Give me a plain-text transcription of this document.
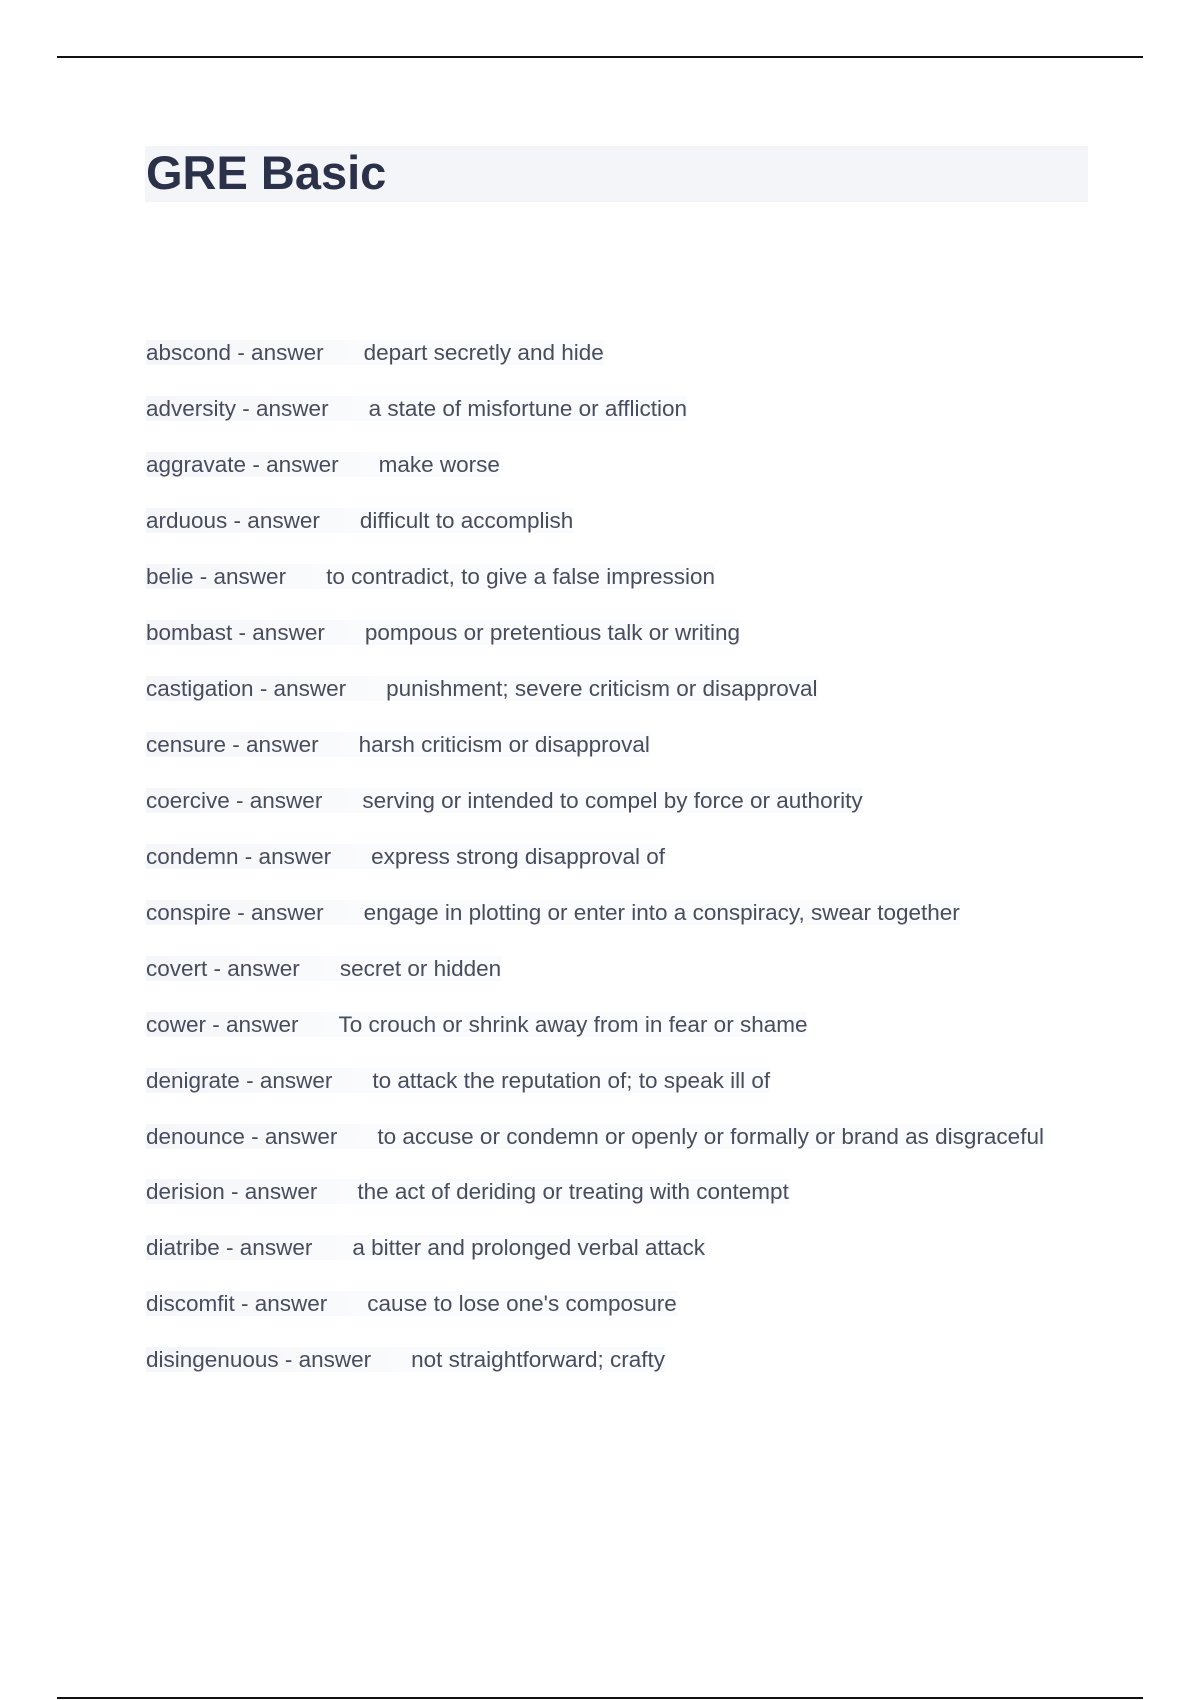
GRE Basic
abscond - answer depart secretly and hide
adversity - answer a state of misfortune or affliction
aggravate - answer make worse
arduous - answer difficult to accomplish
belie - answer to contradict, to give a false impression
bombast - answer pompous or pretentious talk or writing
castigation - answer punishment; severe criticism or disapproval
censure - answer harsh criticism or disapproval
coercive - answer serving or intended to compel by force or authority
condemn - answer express strong disapproval of
conspire - answer engage in plotting or enter into a conspiracy, swear together
covert - answer secret or hidden
cower - answer To crouch or shrink away from in fear or shame
denigrate - answer to attack the reputation of; to speak ill of
denounce - answer to accuse or condemn or openly or formally or brand as disgraceful
derision - answer the act of deriding or treating with contempt
diatribe - answer a bitter and prolonged verbal attack
discomfit - answer cause to lose one's composure
disingenuous - answer not straightforward; crafty
